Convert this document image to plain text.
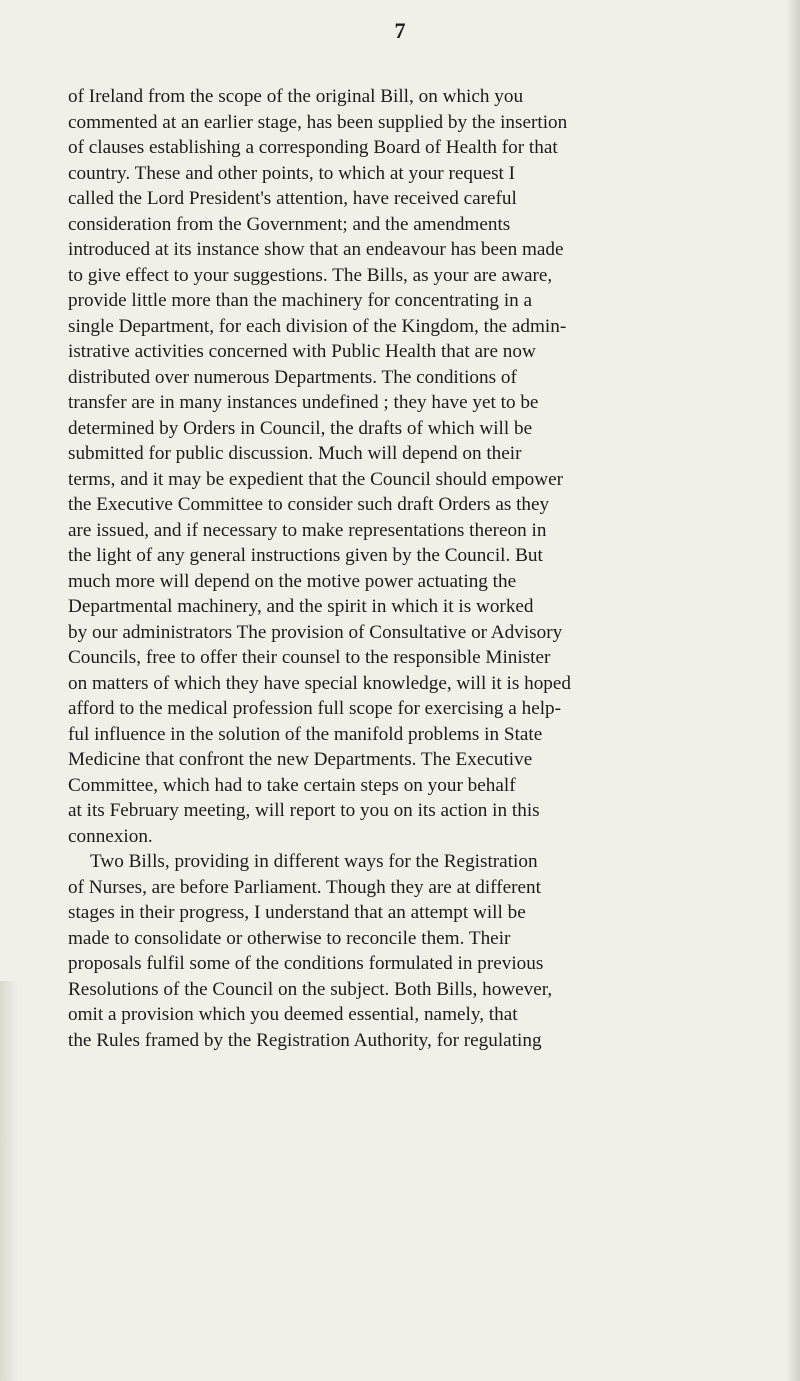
7
of Ireland from the scope of the original Bill, on which you
commented at an earlier stage, has been supplied by the insertion
of clauses establishing a corresponding Board of Health for that
country. These and other points, to which at your request I
called the Lord President's attention, have received careful
consideration from the Government; and the amendments
introduced at its instance show that an endeavour has been made
to give effect to your suggestions. The Bills, as your are aware,
provide little more than the machinery for concentrating in a
single Department, for each division of the Kingdom, the admin-
istrative activities concerned with Public Health that are now
distributed over numerous Departments. The conditions of
transfer are in many instances undefined ; they have yet to be
determined by Orders in Council, the drafts of which will be
submitted for public discussion. Much will depend on their
terms, and it may be expedient that the Council should empower
the Executive Committee to consider such draft Orders as they
are issued, and if necessary to make representations thereon in
the light of any general instructions given by the Council. But
much more will depend on the motive power actuating the
Departmental machinery, and the spirit in which it is worked
by our administrators The provision of Consultative or Advisory
Councils, free to offer their counsel to the responsible Minister
on matters of which they have special knowledge, will it is hoped
afford to the medical profession full scope for exercising a help-
ful influence in the solution of the manifold problems in State
Medicine that confront the new Departments. The Executive
Committee, which had to take certain steps on your behalf
at its February meeting, will report to you on its action in this
connexion.
Two Bills, providing in different ways for the Registration
of Nurses, are before Parliament. Though they are at different
stages in their progress, I understand that an attempt will be
made to consolidate or otherwise to reconcile them. Their
proposals fulfil some of the conditions formulated in previous
Resolutions of the Council on the subject. Both Bills, however,
omit a provision which you deemed essential, namely, that
the Rules framed by the Registration Authority, for regulating
